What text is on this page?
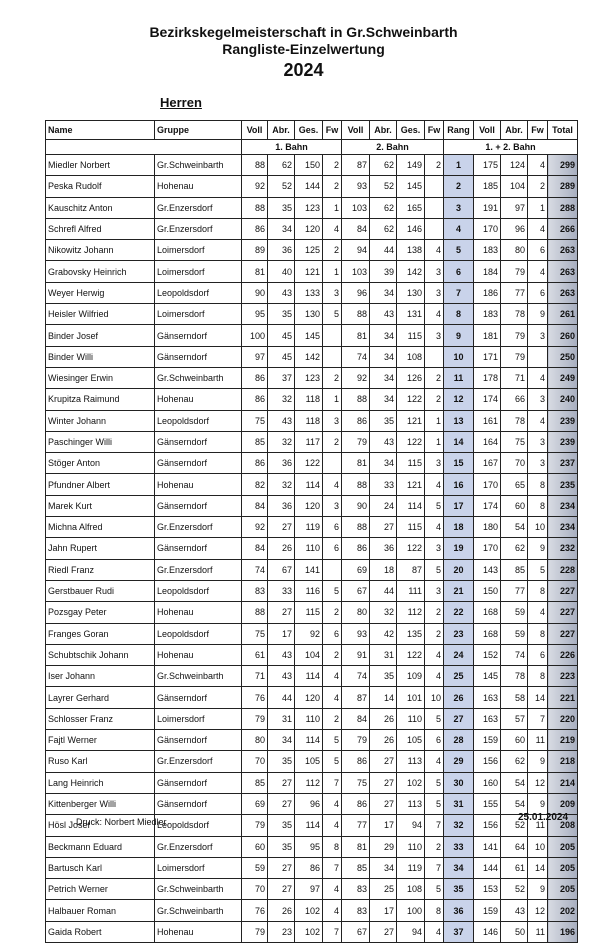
Bezirkskegelmeisterschaft in Gr.Schweinbarth
Rangliste-Einzelwertung
2024
Herren
Name	Gruppe	Voll	Abr.	Ges.	Fw	Voll	Abr.	Ges.	Fw	Rang	Voll	Abr.	Fw	Total
		1. Bahn				2. Bahn				1. + 2. Bahn				
Miedler Norbert	Gr.Schweinbarth	88	62	150	2	87	62	149	2	1	175	124	4	299
Peska Rudolf	Hohenau	92	52	144	2	93	52	145		2	185	104	2	289
Kauschitz Anton	Gr.Enzersdorf	88	35	123	1	103	62	165		3	191	97	1	288
Schrefl Alfred	Gr.Enzersdorf	86	34	120	4	84	62	146		4	170	96	4	266
Nikowitz Johann	Loimersdorf	89	36	125	2	94	44	138	4	5	183	80	6	263
Grabovsky Heinrich	Loimersdorf	81	40	121	1	103	39	142	3	6	184	79	4	263
Weyer Herwig	Leopoldsdorf	90	43	133	3	96	34	130	3	7	186	77	6	263
Heisler Wilfried	Loimersdorf	95	35	130	5	88	43	131	4	8	183	78	9	261
Binder Josef	Gänserndorf	100	45	145		81	34	115	3	9	181	79	3	260
Binder Willi	Gänserndorf	97	45	142		74	34	108		10	171	79		250
Wiesinger Erwin	Gr.Schweinbarth	86	37	123	2	92	34	126	2	11	178	71	4	249
Krupitza Raimund	Hohenau	86	32	118	1	88	34	122	2	12	174	66	3	240
Winter Johann	Leopoldsdorf	75	43	118	3	86	35	121	1	13	161	78	4	239
Paschinger Willi	Gänserndorf	85	32	117	2	79	43	122	1	14	164	75	3	239
Stöger Anton	Gänserndorf	86	36	122		81	34	115	3	15	167	70	3	237
Pfundner Albert	Hohenau	82	32	114	4	88	33	121	4	16	170	65	8	235
Marek Kurt	Gänserndorf	84	36	120	3	90	24	114	5	17	174	60	8	234
Michna Alfred	Gr.Enzersdorf	92	27	119	6	88	27	115	4	18	180	54	10	234
Jahn Rupert	Gänserndorf	84	26	110	6	86	36	122	3	19	170	62	9	232
Riedl Franz	Gr.Enzersdorf	74	67	141		69	18	87	5	20	143	85	5	228
Gerstbauer Rudi	Leopoldsdorf	83	33	116	5	67	44	111	3	21	150	77	8	227
Pozsgay Peter	Hohenau	88	27	115	2	80	32	112	2	22	168	59	4	227
Franges Goran	Leopoldsdorf	75	17	92	6	93	42	135	2	23	168	59	8	227
Schubtschik Johann	Hohenau	61	43	104	2	91	31	122	4	24	152	74	6	226
Iser Johann	Gr.Schweinbarth	71	43	114	4	74	35	109	4	25	145	78	8	223
Layrer Gerhard	Gänserndorf	76	44	120	4	87	14	101	10	26	163	58	14	221
Schlosser Franz	Loimersdorf	79	31	110	2	84	26	110	5	27	163	57	7	220
Fajtl Werner	Gänserndorf	80	34	114	5	79	26	105	6	28	159	60	11	219
Ruso Karl	Gr.Enzersdorf	70	35	105	5	86	27	113	4	29	156	62	9	218
Lang Heinrich	Gänserndorf	85	27	112	7	75	27	102	5	30	160	54	12	214
Kittenberger Willi	Gänserndorf	69	27	96	4	86	27	113	5	31	155	54	9	209
Hösl Josef	Leopoldsdorf	79	35	114	4	77	17	94	7	32	156	52	11	208
Beckmann Eduard	Gr.Enzersdorf	60	35	95	8	81	29	110	2	33	141	64	10	205
Bartusch Karl	Loimersdorf	59	27	86	7	85	34	119	7	34	144	61	14	205
Petrich Werner	Gr.Schweinbarth	70	27	97	4	83	25	108	5	35	153	52	9	205
Halbauer Roman	Gr.Schweinbarth	76	26	102	4	83	17	100	8	36	159	43	12	202
Gaida Robert	Hohenau	79	23	102	7	67	27	94	4	37	146	50	11	196
Druck: Norbert Miedler	25.01.2024
